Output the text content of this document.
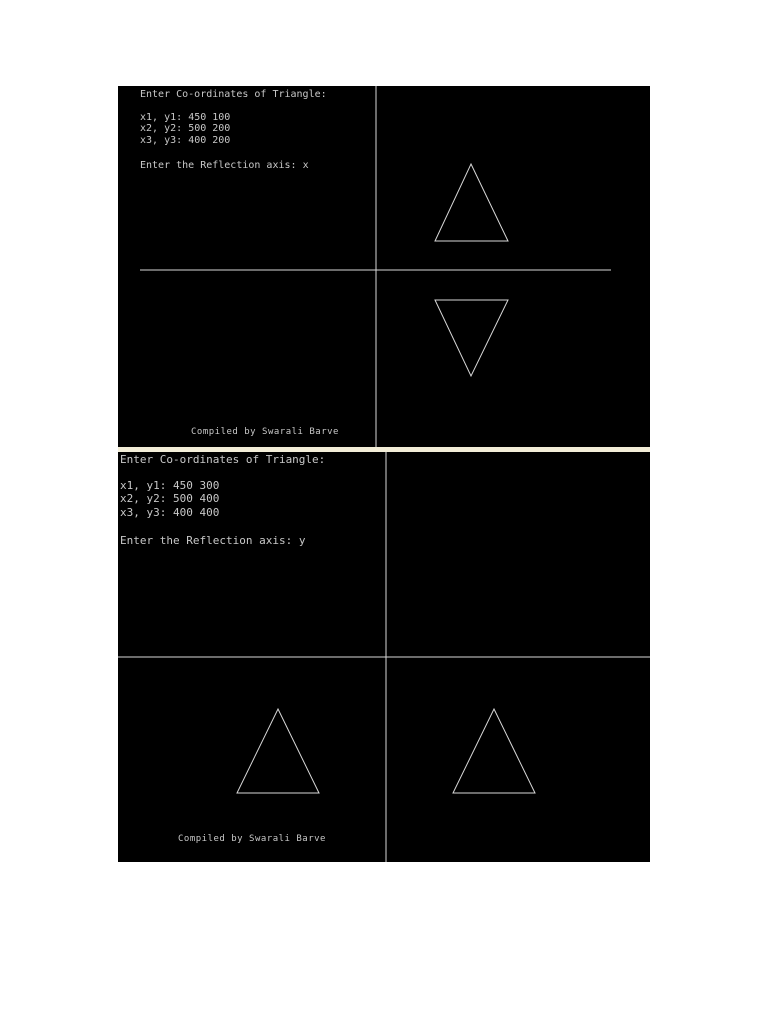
Enter Co-ordinates of Triangle:
x1, y1: 450 100
x2, y2: 500 200
x3, y3: 400 200
Enter the Reflection axis: x
Compiled by Swarali Barve
Enter Co-ordinates of Triangle:
x1, y1: 450 300
x2, y2: 500 400
x3, y3: 400 400
Enter the Reflection axis: y
Compiled by Swarali Barve
